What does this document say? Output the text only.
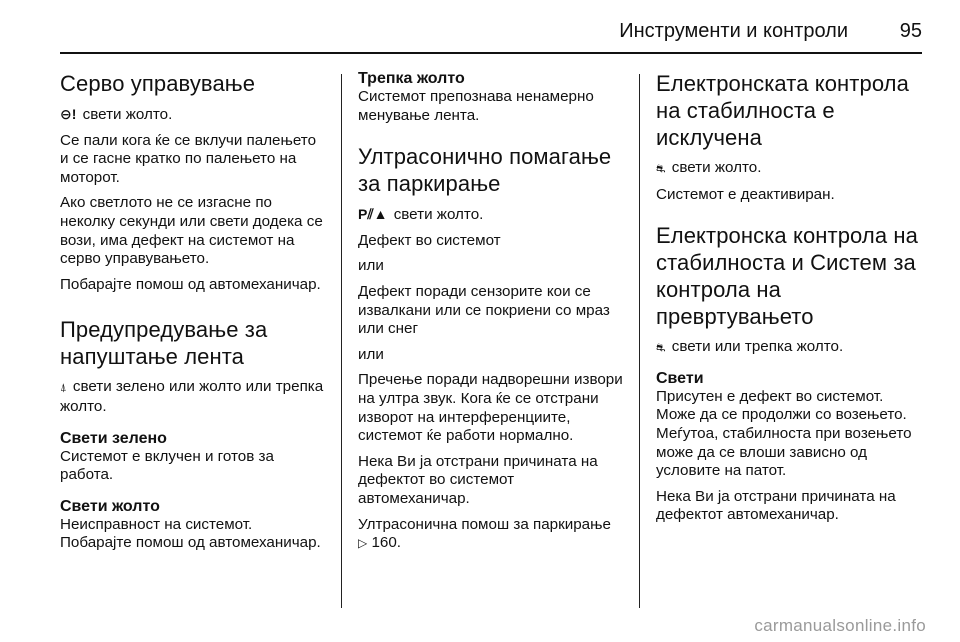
Инструменти и контроли	95
Серво управување

⊖! свети жолто.

Се пали кога ќе се вклучи палењето и се гасне кратко по палењето на моторот.

Ако светлото не се изгасне по неколку секунди или свети додека се вози, има дефект на системот на серво управувањето.

Побарајте помош од автомеханичар.

Предупредување за напуштање лента

⍋ свети зелено или жолто или трепка жолто.

Свети зелено

Системот е вклучен и готов за работа.

Свети жолто

Неисправност на системот. Побарајте помош од автомеханичар.

Трепка жолто

Системот препознава ненамерно менување лента.

Ултрасонично помагање за паркирање

P⫽▲ свети жолто.

Дефект во системот

или

Дефект поради сензорите кои се извалкани или се покриени со мраз или снег

или

Пречење поради надворешни извори на ултра звук. Кога ќе се отстрани изворот на интерференциите, системот ќе работи нормално.

Нека Ви ја отстрани причината на дефектот во системот автомеханичар.

Ултрасонична помош за паркирање ▷ 160.

Електронската контрола на стабилноста е исклучена

⛐ свети жолто.

Системот е деактивиран.

Електронска контрола на стабилноста и Систем за контрола на превртувањето

⛐ свети или трепка жолто.

Свети

Присутен е дефект во системот. Може да се продолжи со возењето. Меѓутоа, стабилноста при возењето може да се влоши зависно од условите на патот.

Нека Ви ја отстрани причината на дефектот автомеханичар.

carmanualsonline.info
